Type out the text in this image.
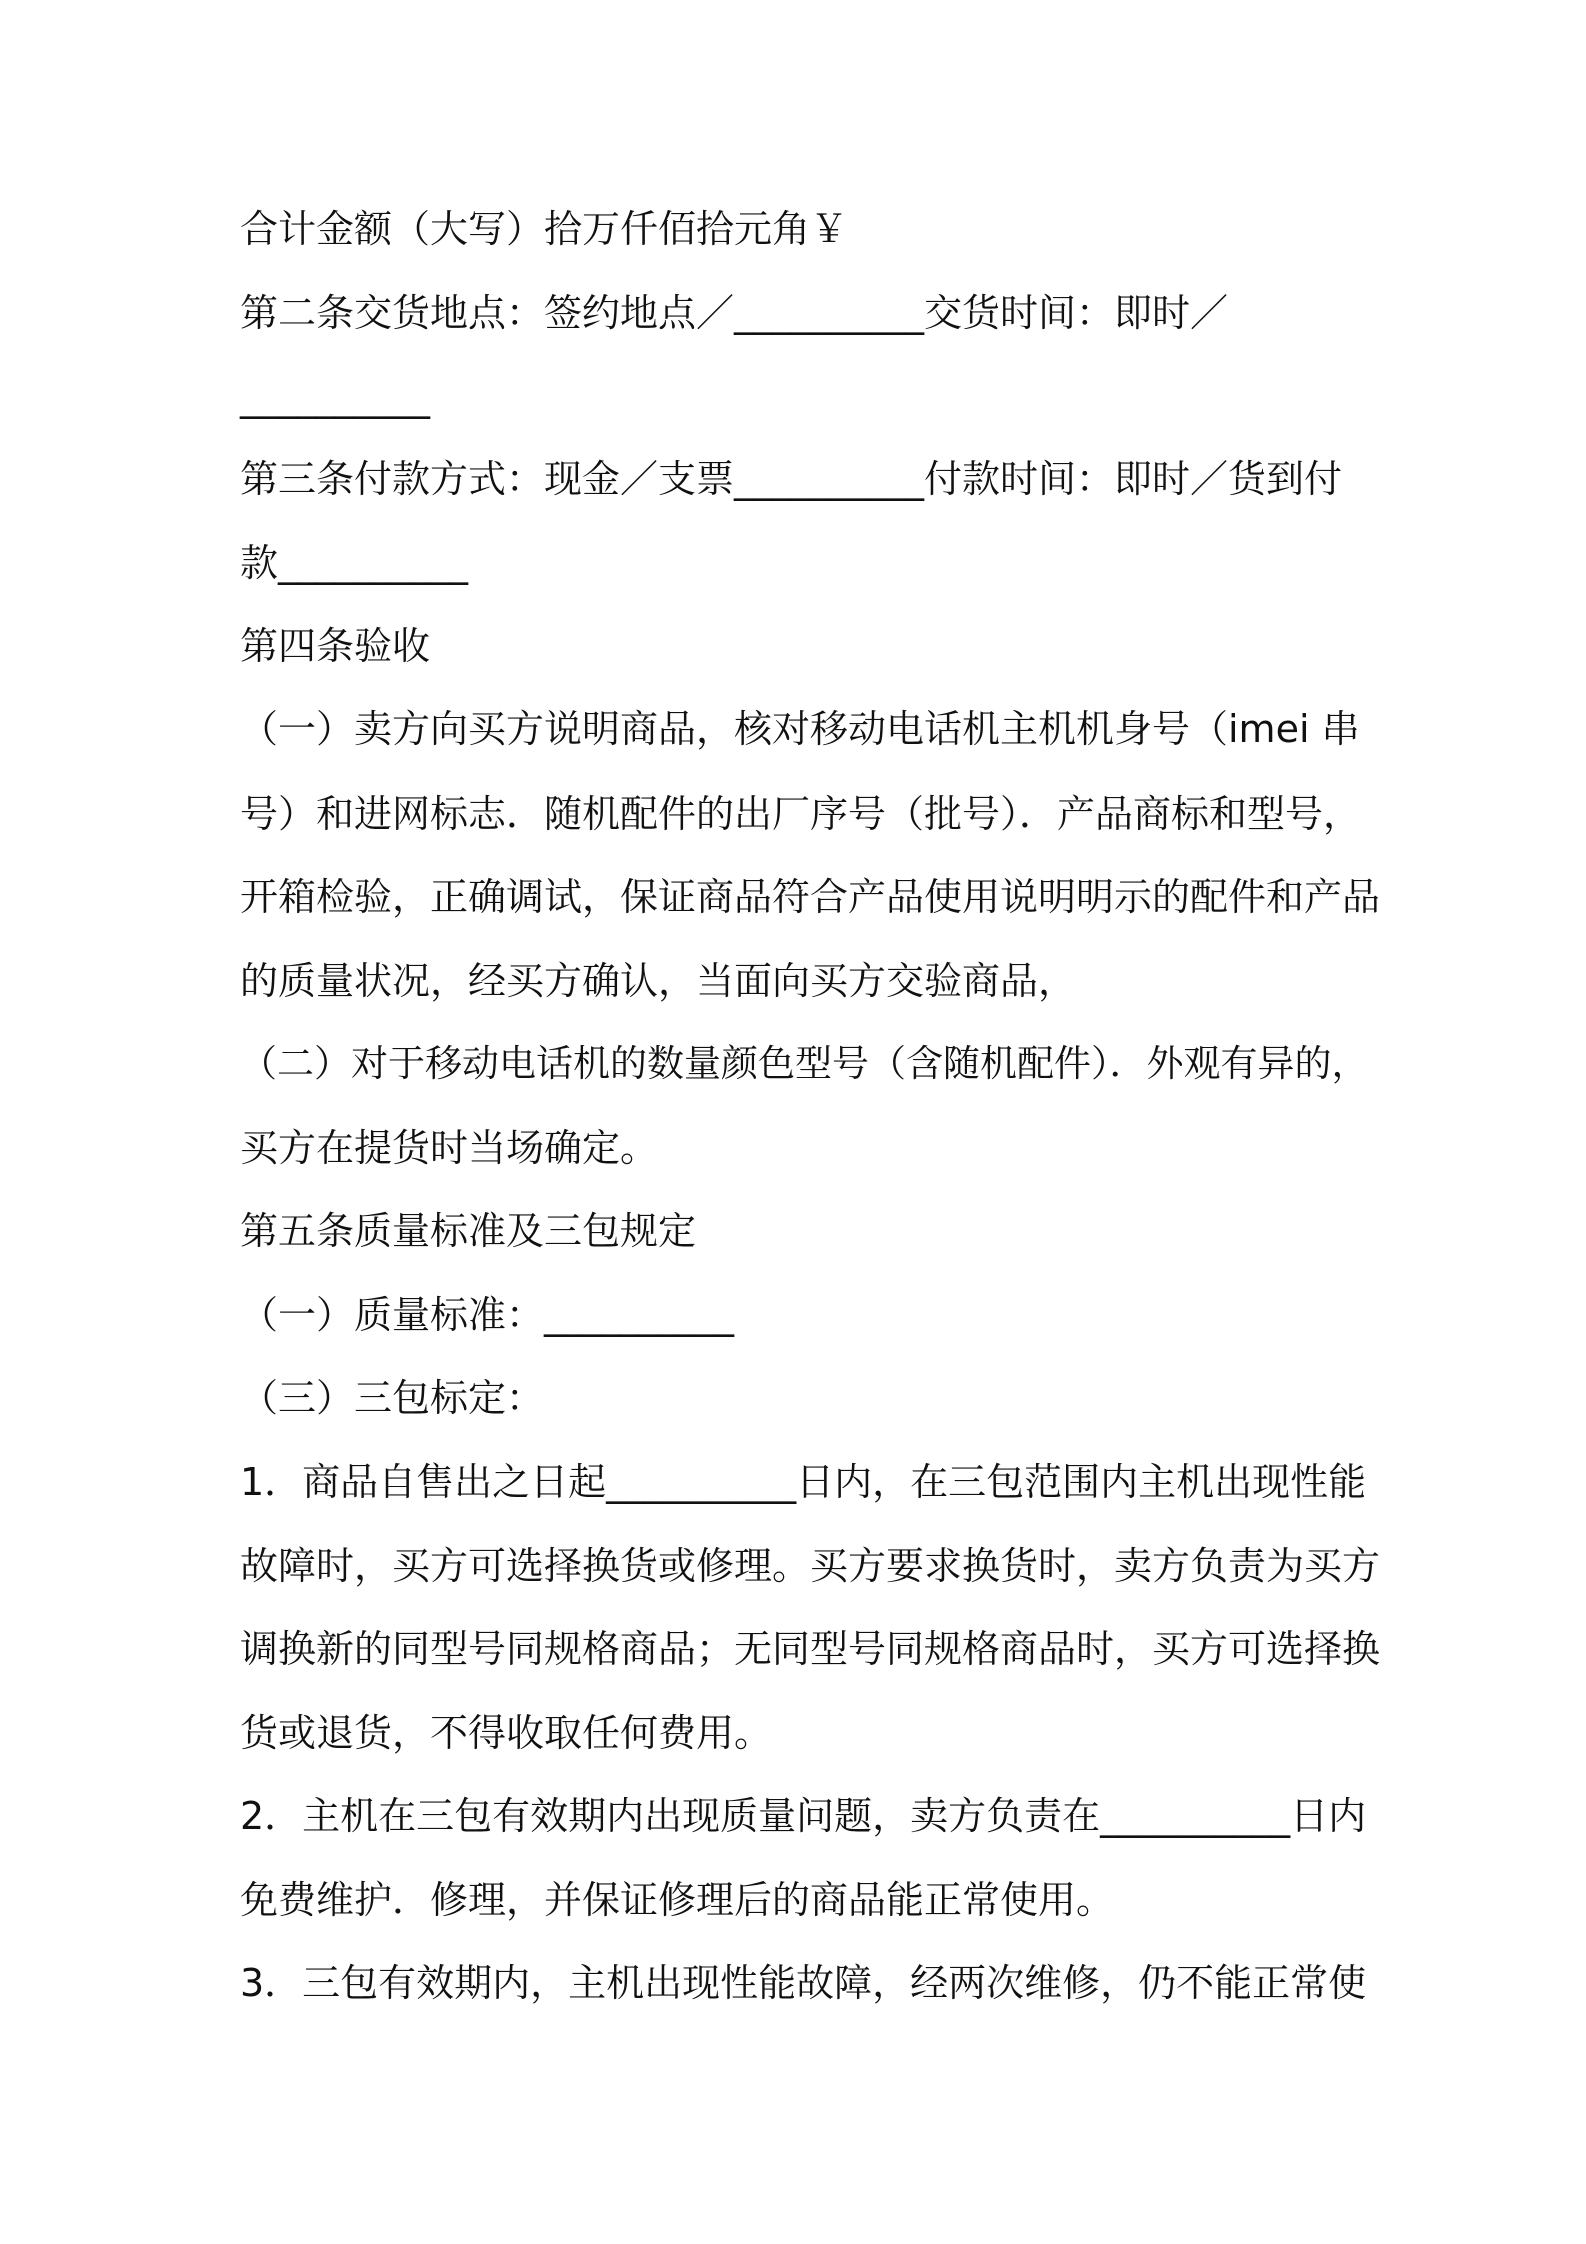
合计金额（大写）拾万仟佰拾元角￥
第二条交货地点：签约地点／__________交货时间：即时／
__________
第三条付款方式：现金／支票__________付款时间：即时／货到付
款__________
第四条验收
（一）卖方向买方说明商品，核对移动电话机主机机身号（imei 串
号）和进网标志．随机配件的出厂序号（批号）．产品商标和型号，
开箱检验，正确调试，保证商品符合产品使用说明明示的配件和产品
的质量状况，经买方确认，当面向买方交验商品，
（二）对于移动电话机的数量颜色型号（含随机配件）．外观有异的，
买方在提货时当场确定。
第五条质量标准及三包规定
（一）质量标准：__________
（三）三包标定：
1．商品自售出之日起__________日内，在三包范围内主机出现性能
故障时，买方可选择换货或修理。买方要求换货时，卖方负责为买方
调换新的同型号同规格商品；无同型号同规格商品时，买方可选择换
货或退货，不得收取任何费用。
2．主机在三包有效期内出现质量问题，卖方负责在__________日内
免费维护．修理，并保证修理后的商品能正常使用。
3．三包有效期内，主机出现性能故障，经两次维修，仍不能正常使
